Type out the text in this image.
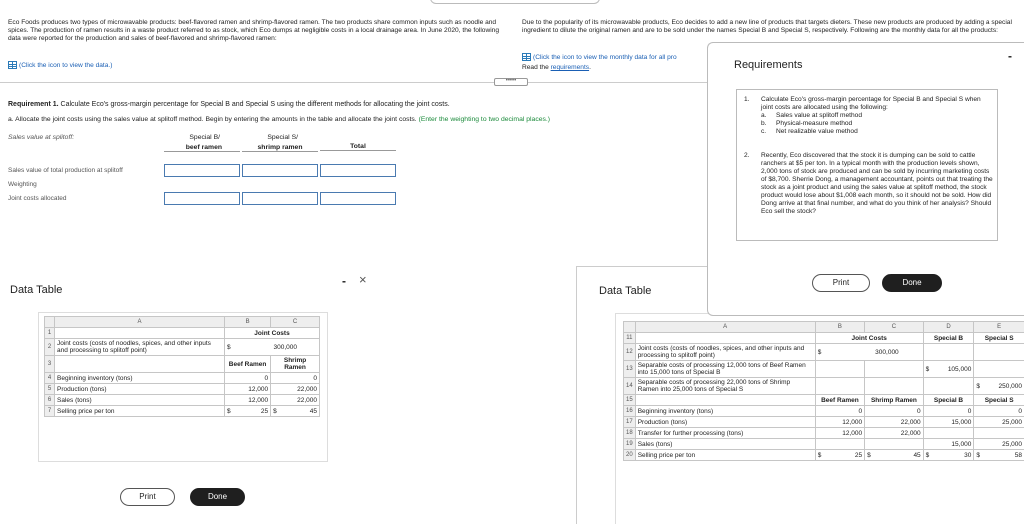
Eco Foods produces two types of microwavable products: beef-flavored ramen and shrimp-flavored ramen. The two products share common inputs such as noodle and spices. The production of ramen results in a waste product referred to as stock, which Eco dumps at negligible costs in a local drainage area. In June 2020, the following data were reported for the production and sales of beef-flavored and shrimp-flavored ramen:
(Click the icon to view the data.)
Due to the popularity of its microwavable products, Eco decides to add a new line of products that targets dieters. These new products are produced by adding a special ingredient to dilute the original ramen and are to be sold under the names Special B and Special S, respectively. Following are the monthly data for all the products:
(Click the icon to view the monthly data for all pro
Read the requirements.
•••••
Requirement 1. Calculate Eco's gross-margin percentage for Special B and Special S using the different methods for allocating the joint costs.
a. Allocate the joint costs using the sales value at splitoff method. Begin by entering the amounts in the table and allocate the joint costs. (Enter the weighting to two decimal places.)
Sales value at splitoff:	Special B/
beef ramen
Special S/
shrimp ramen	Total
Sales value of total production at splitoff
Weighting
Joint costs allocated
Data Table
- ×
	A	B		C	
1		Joint Costs			
2	Joint costs (costs of noodles, spices, and other inputs and processing to splitoff point)	$	300,000		
3		Beef Ramen		Shrimp Ramen	
4	Beginning inventory (tons)	0		0	
5	Production (tons)	12,000		22,000	
6	Sales (tons)	12,000		22,000	
7	Selling price per ton	$	25	$	45
Print	Done
Data Table
	A	B		C		D		E	
11		Joint Costs				Special B		Special S	
12	Joint costs (costs of noodles, spices, and other inputs and processing to splitoff point)	$	300,000						
13	Separable costs of processing 12,000 tons of Beef Ramen into 15,000 tons of Special B					$	105,000		
14	Separable costs of processing 22,000 tons of Shrimp Ramen into 25,000 tons of Special S							$	250,000
15		Beef Ramen		Shrimp Ramen		Special B		Special S	
16	Beginning inventory (tons)	0		0		0		0	
17	Production (tons)	12,000		22,000		15,000		25,000	
18	Transfer for further processing (tons)	12,000		22,000					
19	Sales (tons)					15,000		25,000	
20	Selling price per ton	$	25	$	45	$	30	$	58
Requirements
-
1. Calculate Eco's gross-margin percentage for Special B and Special S when joint costs are allocated using the following:
a. Sales value at splitoff method
b. Physical-measure method
c. Net realizable value method
2. Recently, Eco discovered that the stock it is dumping can be sold to cattle ranchers at $5 per ton. In a typical month with the production levels shown, 2,000 tons of stock are produced and can be sold by incurring marketing costs of $8,700. Sherrie Dong, a management accountant, points out that treating the stock as a joint product and using the sales value at splitoff method, the stock product would lose about $1,008 each month, so it should not be sold. How did Dong arrive at that final number, and what do you think of her analysis? Should Eco sell the stock?
Print	Done
